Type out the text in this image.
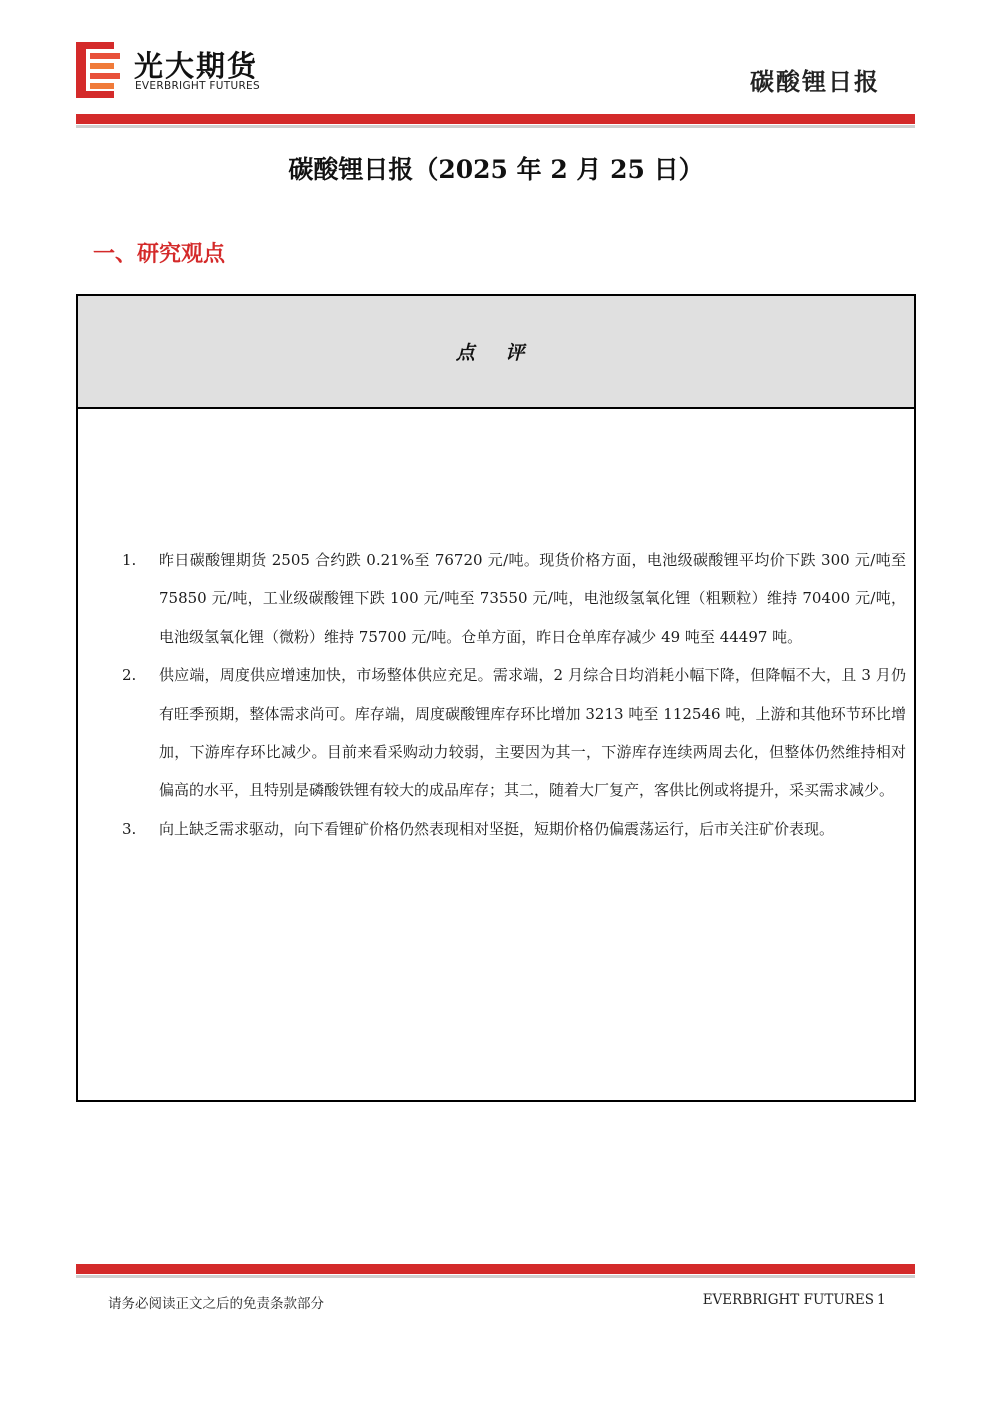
光大期货
EVERBRIGHT FUTURES	碳酸锂日报
碳酸锂日报（2025 年 2 月 25 日）
一、研究观点
点 评
1. 昨日碳酸锂期货 2505 合约跌 0.21%至 76720 元/吨。现货价格方面，电池级碳酸锂平均价下跌 300 元/吨至 75850 元/吨，工业级碳酸锂下跌 100 元/吨至 73550 元/吨，电池级氢氧化锂（粗颗粒）维持 70400 元/吨，电池级氢氧化锂（微粉）维持 75700 元/吨。仓单方面，昨日仓单库存减少 49 吨至 44497 吨。
2. 供应端，周度供应增速加快，市场整体供应充足。需求端，2 月综合日均消耗小幅下降，但降幅不大，且 3 月仍有旺季预期，整体需求尚可。库存端，周度碳酸锂库存环比增加 3213 吨至 112546 吨，上游和其他环节环比增加，下游库存环比减少。目前来看采购动力较弱，主要因为其一，下游库存连续两周去化，但整体仍然维持相对偏高的水平，且特别是磷酸铁锂有较大的成品库存；其二，随着大厂复产，客供比例或将提升，采买需求减少。
3. 向上缺乏需求驱动，向下看锂矿价格仍然表现相对坚挺，短期价格仍偏震荡运行，后市关注矿价表现。
请务必阅读正文之后的免责条款部分	EVERBRIGHT FUTURES 1
